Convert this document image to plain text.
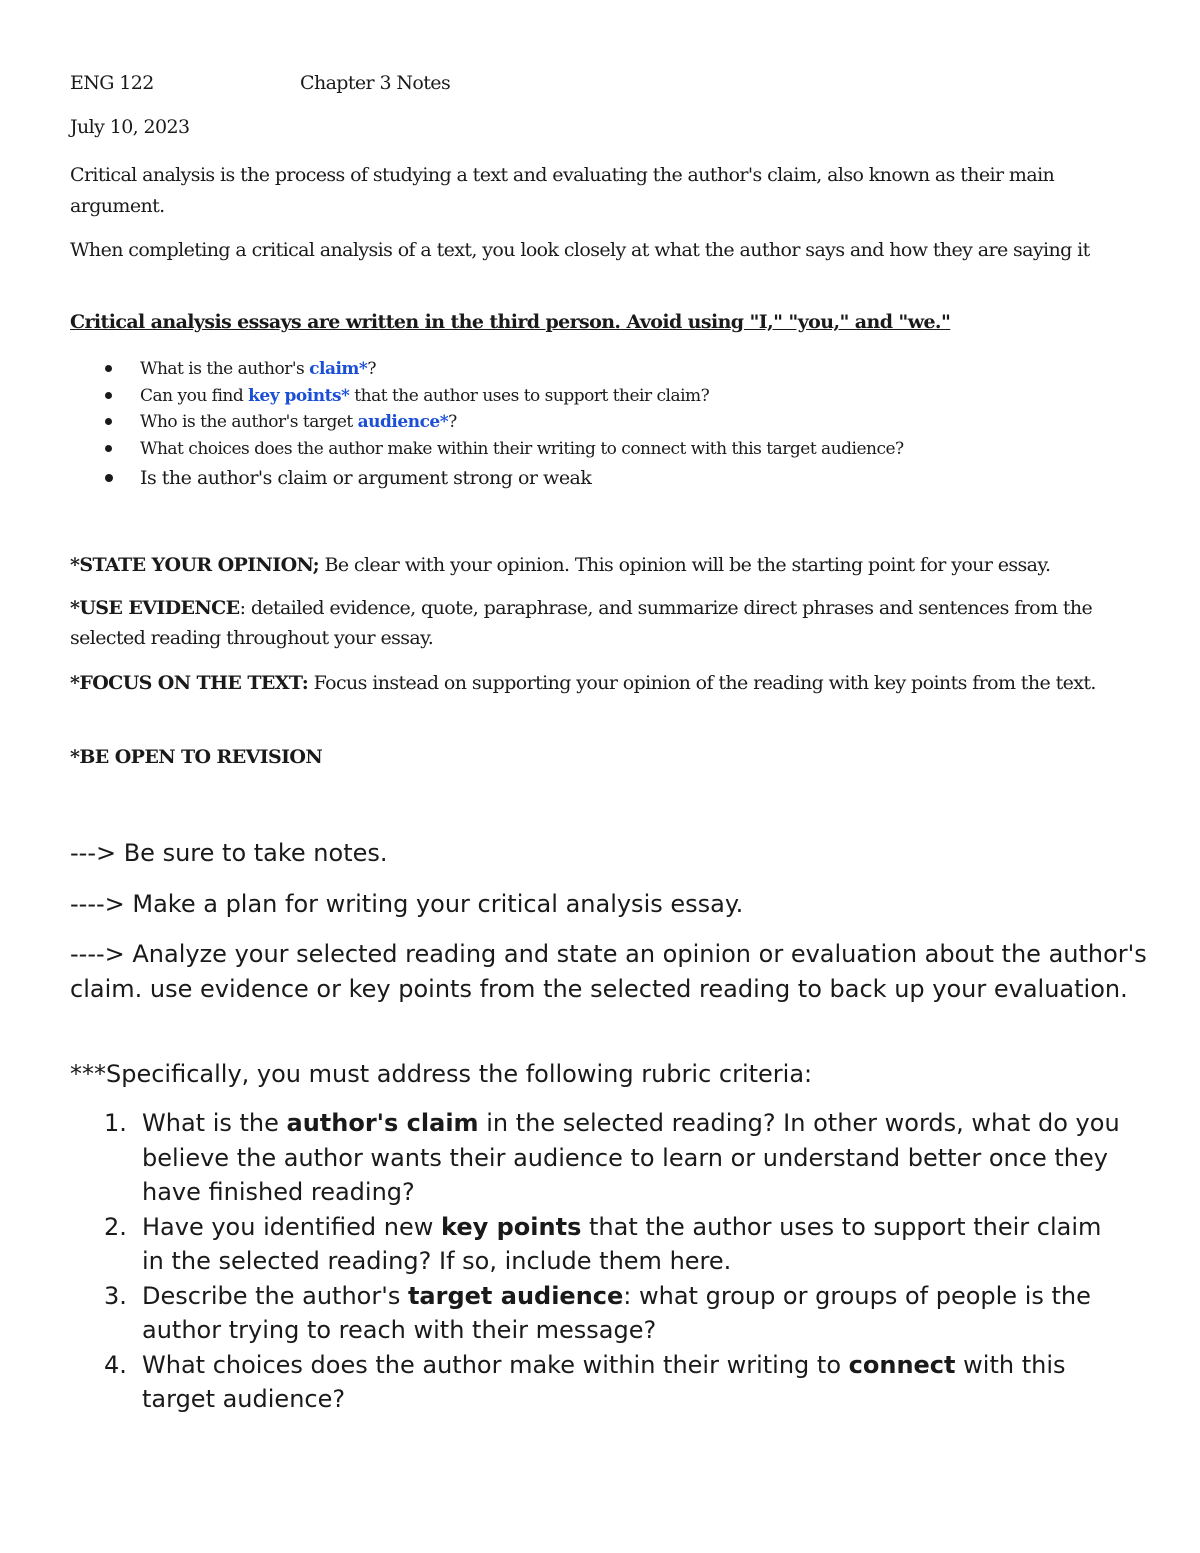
ENG 122	Chapter 3 Notes
July 10, 2023
Critical analysis is the process of studying a text and evaluating the author's claim, also known as their main argument.
When completing a critical analysis of a text, you look closely at what the author says and how they are saying it
Critical analysis essays are written in the third person. Avoid using "I," "you," and "we."
What is the author's claim*?
Can you find key points* that the author uses to support their claim?
Who is the author's target audience*?
What choices does the author make within their writing to connect with this target audience?
Is the author's claim or argument strong or weak
*STATE YOUR OPINION; Be clear with your opinion. This opinion will be the starting point for your essay.
*USE EVIDENCE: detailed evidence, quote, paraphrase, and summarize direct phrases and sentences from the selected reading throughout your essay.
*FOCUS ON THE TEXT: Focus instead on supporting your opinion of the reading with key points from the text.
*BE OPEN TO REVISION
---> Be sure to take notes.
----> Make a plan for writing your critical analysis essay.
----> Analyze your selected reading and state an opinion or evaluation about the author's claim. use evidence or key points from the selected reading to back up your evaluation.
***Specifically, you must address the following rubric criteria:
1. What is the author's claim in the selected reading? In other words, what do you believe the author wants their audience to learn or understand better once they have finished reading?
2. Have you identified new key points that the author uses to support their claim in the selected reading? If so, include them here.
3. Describe the author's target audience: what group or groups of people is the author trying to reach with their message?
4. What choices does the author make within their writing to connect with this target audience?
